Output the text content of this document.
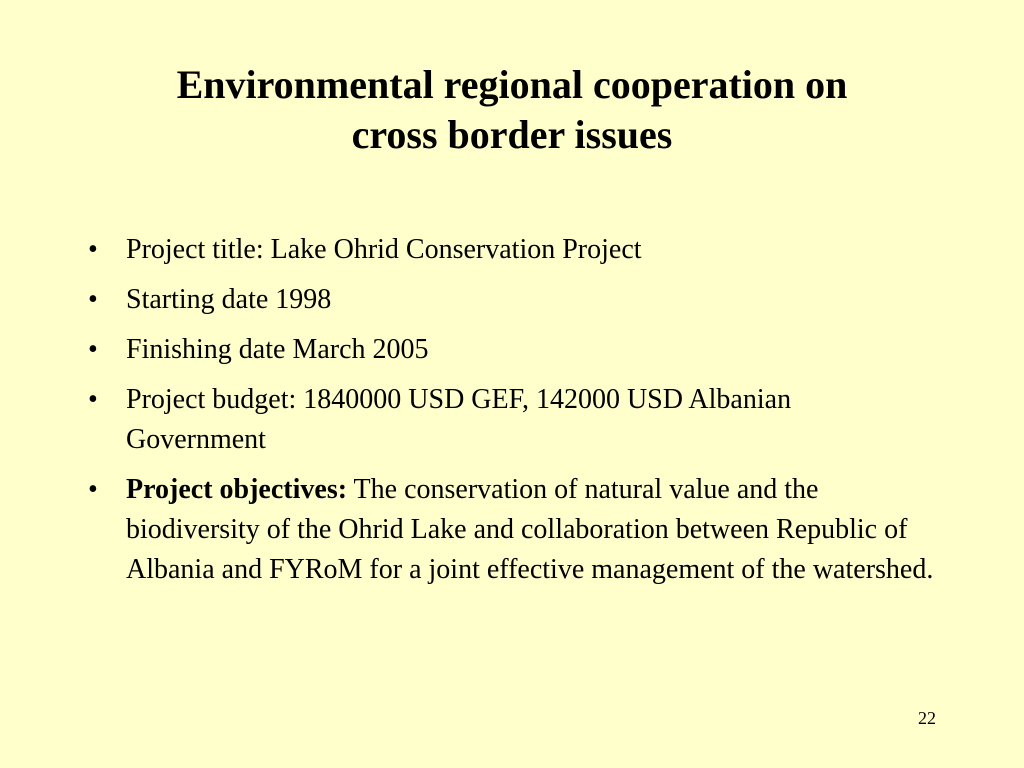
Environmental regional cooperation on
cross border issues
• Project title: Lake Ohrid Conservation Project
• Starting date 1998
• Finishing date March 2005
• Project budget: 1840000 USD GEF, 142000 USD Albanian Government
• Project objectives: The conservation of natural value and the biodiversity of the Ohrid Lake and collaboration between Republic of Albania and FYRoM for a joint effective management of the watershed.
22
